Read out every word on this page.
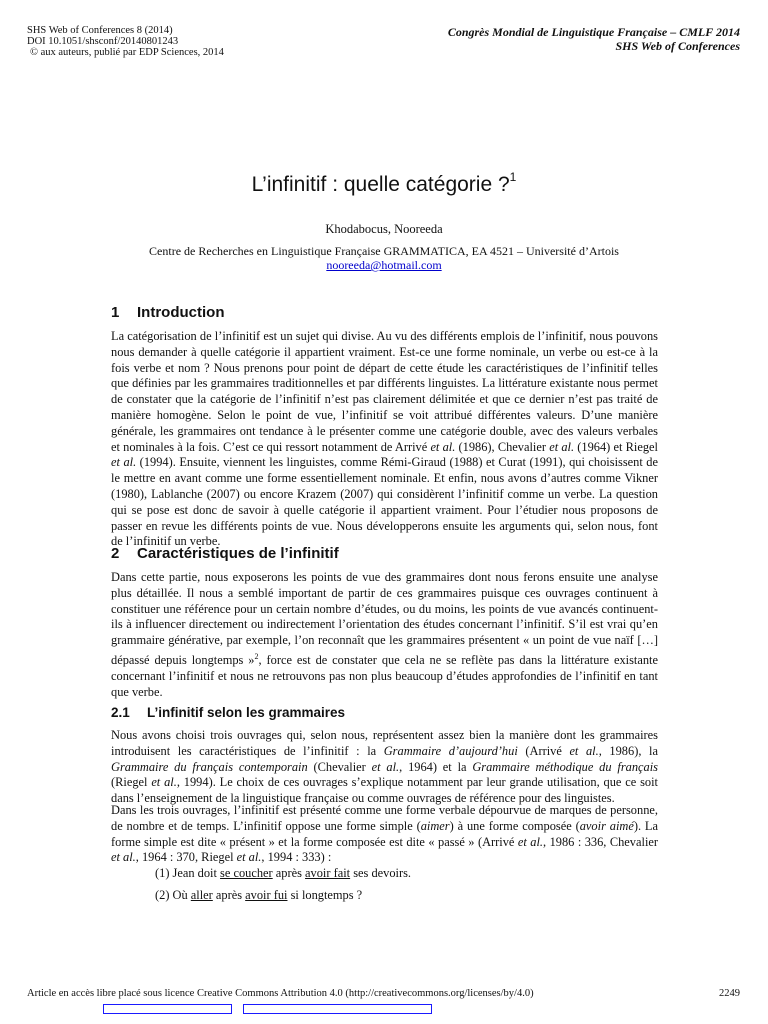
SHS Web of Conferences 8 (2014)
DOI 10.1051/shsconf/20140801243
© aux auteurs, publié par EDP Sciences, 2014
Congrès Mondial de Linguistique Française – CMLF 2014
SHS Web of Conferences
L’infinitif : quelle catégorie ?$^1$
Khodabocus, Nooreeda
Centre de Recherches en Linguistique Française GRAMMATICA, EA 4521 – Université d’Artois
nooreeda@hotmail.com
1 Introduction

La catégorisation de l’infinitif est un sujet qui divise. Au vu des différents emplois de l’infinitif, nous pouvons nous demander à quelle catégorie il appartient vraiment. Est-ce une forme nominale, un verbe ou est-ce à la fois verbe et nom ? Nous prenons pour point de départ de cette étude les caractéristiques de l’infinitif telles que définies par les grammaires traditionnelles et par différents linguistes. La littérature existante nous permet de constater que la catégorie de l’infinitif n’est pas clairement délimitée et que ce dernier n’est pas traité de manière homogène. Selon le point de vue, l’infinitif se voit attribué différentes valeurs. D’une manière générale, les grammaires ont tendance à le présenter comme une catégorie double, avec des valeurs verbales et nominales à la fois. C’est ce qui ressort notamment de Arrivé et al. (1986), Chevalier et al. (1964) et Riegel et al. (1994). Ensuite, viennent les linguistes, comme Rémi-Giraud (1988) et Curat (1991), qui choisissent de le mettre en avant comme une forme essentiellement nominale. Et enfin, nous avons d’autres comme Vikner (1980), Lablanche (2007) ou encore Krazem (2007) qui considèrent l’infinitif comme un verbe. La question qui se pose est donc de savoir à quelle catégorie il appartient vraiment. Pour l’étudier nous proposons de passer en revue les différents points de vue. Nous développerons ensuite les arguments qui, selon nous, font de l’infinitif un verbe.

2 Caractéristiques de l’infinitif

Dans cette partie, nous exposerons les points de vue des grammaires dont nous ferons ensuite une analyse plus détaillée. Il nous a semblé important de partir de ces grammaires puisque ces ouvrages continuent à constituer une référence pour un certain nombre d’études, ou du moins, les points de vue avancés continuent-ils à influencer directement ou indirectement l’orientation des études concernant l’infinitif. S’il est vrai qu’en grammaire générative, par exemple, l’on reconnaît que les grammaires présentent « un point de vue naïf […] dépassé depuis longtemps »$^2$, force est de constater que cela ne se reflète pas dans la littérature existante concernant l’infinitif et nous ne retrouvons pas non plus beaucoup d’études approfondies de l’infinitif en tant que verbe.

2.1 L’infinitif selon les grammaires

Nous avons choisi trois ouvrages qui, selon nous, représentent assez bien la manière dont les grammaires introduisent les caractéristiques de l’infinitif : la Grammaire d’aujourd’hui (Arrivé et al., 1986), la Grammaire du français contemporain (Chevalier et al., 1964) et la Grammaire méthodique du français (Riegel et al., 1994). Le choix de ces ouvrages s’explique notamment par leur grande utilisation, que ce soit dans l’enseignement de la linguistique française ou comme ouvrages de référence pour des linguistes.

Dans les trois ouvrages, l’infinitif est présenté comme une forme verbale dépourvue de marques de personne, de nombre et de temps. L’infinitif oppose une forme simple (aimer) à une forme composée (avoir aimé). La forme simple est dite « présent » et la forme composée est dite « passé » (Arrivé et al., 1986 : 336, Chevalier et al., 1964 : 370, Riegel et al., 1994 : 333) :

(1) Jean doit se coucher après avoir fait ses devoirs.
(2) Où aller après avoir fui si longtemps ?
Article en accès libre placé sous licence Creative Commons Attribution 4.0 (http://creativecommons.org/licenses/by/4.0)	2249
